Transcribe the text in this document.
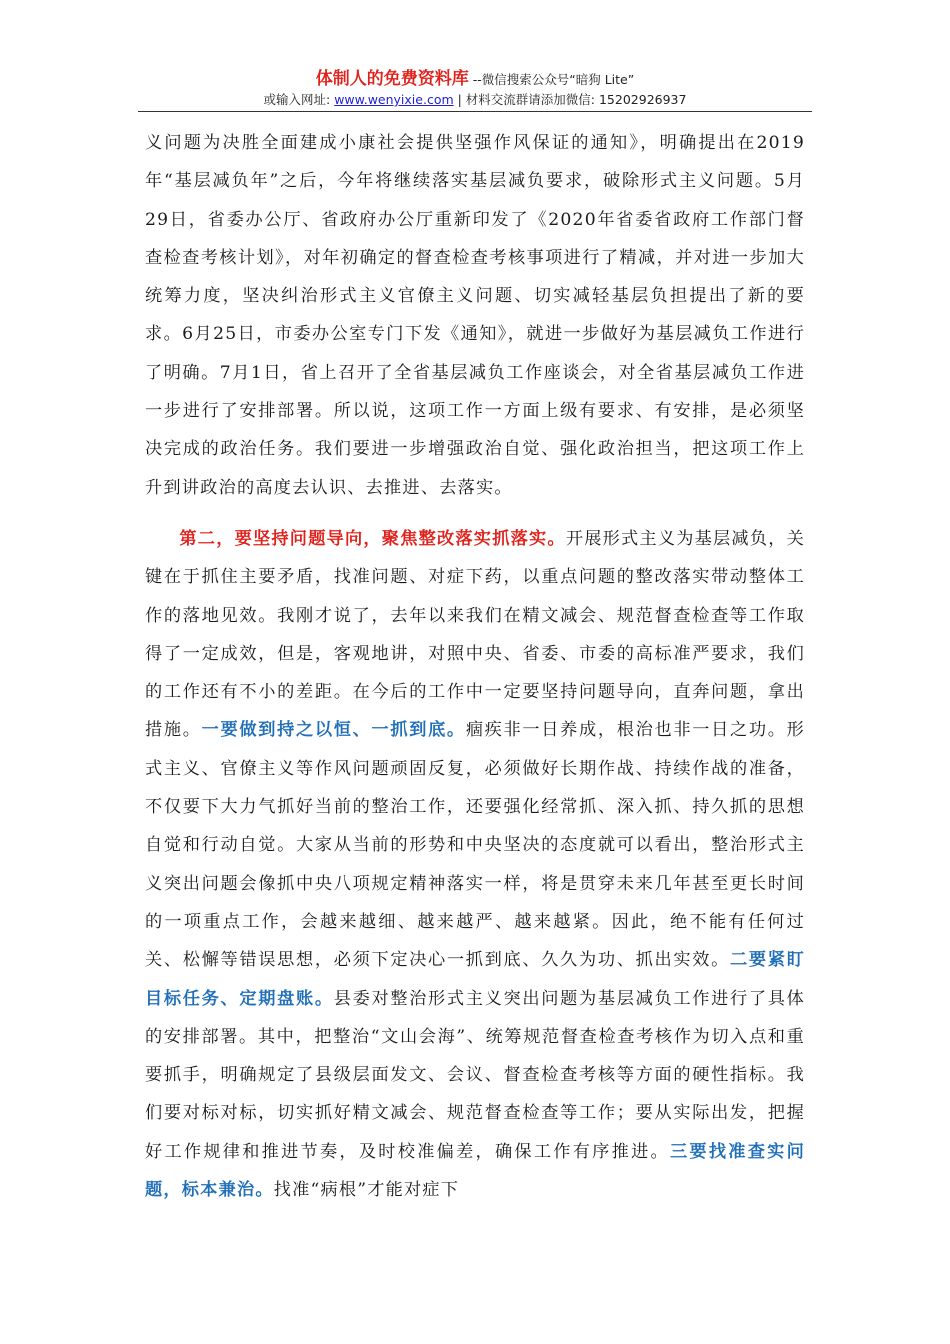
体制人的免费资料库 --微信搜索公众号“暗狗 Lite”
或输入网址: www.wenyixie.com | 材料交流群请添加微信: 15202926937

义问题为决胜全面建成小康社会提供坚强作风保证的通知》，明确提出在2019年“基层减负年”之后，今年将继续落实基层减负要求，破除形式主义问题。5月29日，省委办公厅、省政府办公厅重新印发了《2020年省委省政府工作部门督查检查考核计划》，对年初确定的督查检查考核事项进行了精减，并对进一步加大统筹力度，坚决纠治形式主义官僚主义问题、切实减轻基层负担提出了新的要求。6月25日，市委办公室专门下发《通知》，就进一步做好为基层减负工作进行了明确。7月1日，省上召开了全省基层减负工作座谈会，对全省基层减负工作进一步进行了安排部署。所以说，这项工作一方面上级有要求、有安排，是必须坚决完成的政治任务。我们要进一步增强政治自觉、强化政治担当，把这项工作上升到讲政治的高度去认识、去推进、去落实。

第二，要坚持问题导向，聚焦整改落实抓落实。开展形式主义为基层减负，关键在于抓住主要矛盾，找准问题、对症下药，以重点问题的整改落实带动整体工作的落地见效。我刚才说了，去年以来我们在精文减会、规范督查检查等工作取得了一定成效，但是，客观地讲，对照中央、省委、市委的高标准严要求，我们的工作还有不小的差距。在今后的工作中一定要坚持问题导向，直奔问题，拿出措施。一要做到持之以恒、一抓到底。痼疾非一日养成，根治也非一日之功。形式主义、官僚主义等作风问题顽固反复，必须做好长期作战、持续作战的准备，不仅要下大力气抓好当前的整治工作，还要强化经常抓、深入抓、持久抓的思想自觉和行动自觉。大家从当前的形势和中央坚决的态度就可以看出，整治形式主义突出问题会像抓中央八项规定精神落实一样，将是贯穿未来几年甚至更长时间的一项重点工作，会越来越细、越来越严、越来越紧。因此，绝不能有任何过关、松懈等错误思想，必须下定决心一抓到底、久久为功、抓出实效。二要紧盯目标任务、定期盘账。县委对整治形式主义突出问题为基层减负工作进行了具体的安排部署。其中，把整治“文山会海”、统筹规范督查检查考核作为切入点和重要抓手，明确规定了县级层面发文、会议、督查检查考核等方面的硬性指标。我们要对标对标，切实抓好精文减会、规范督查检查等工作；要从实际出发，把握好工作规律和推进节奏，及时校准偏差，确保工作有序推进。三要找准查实问题，标本兼治。找准“病根”才能对症下
